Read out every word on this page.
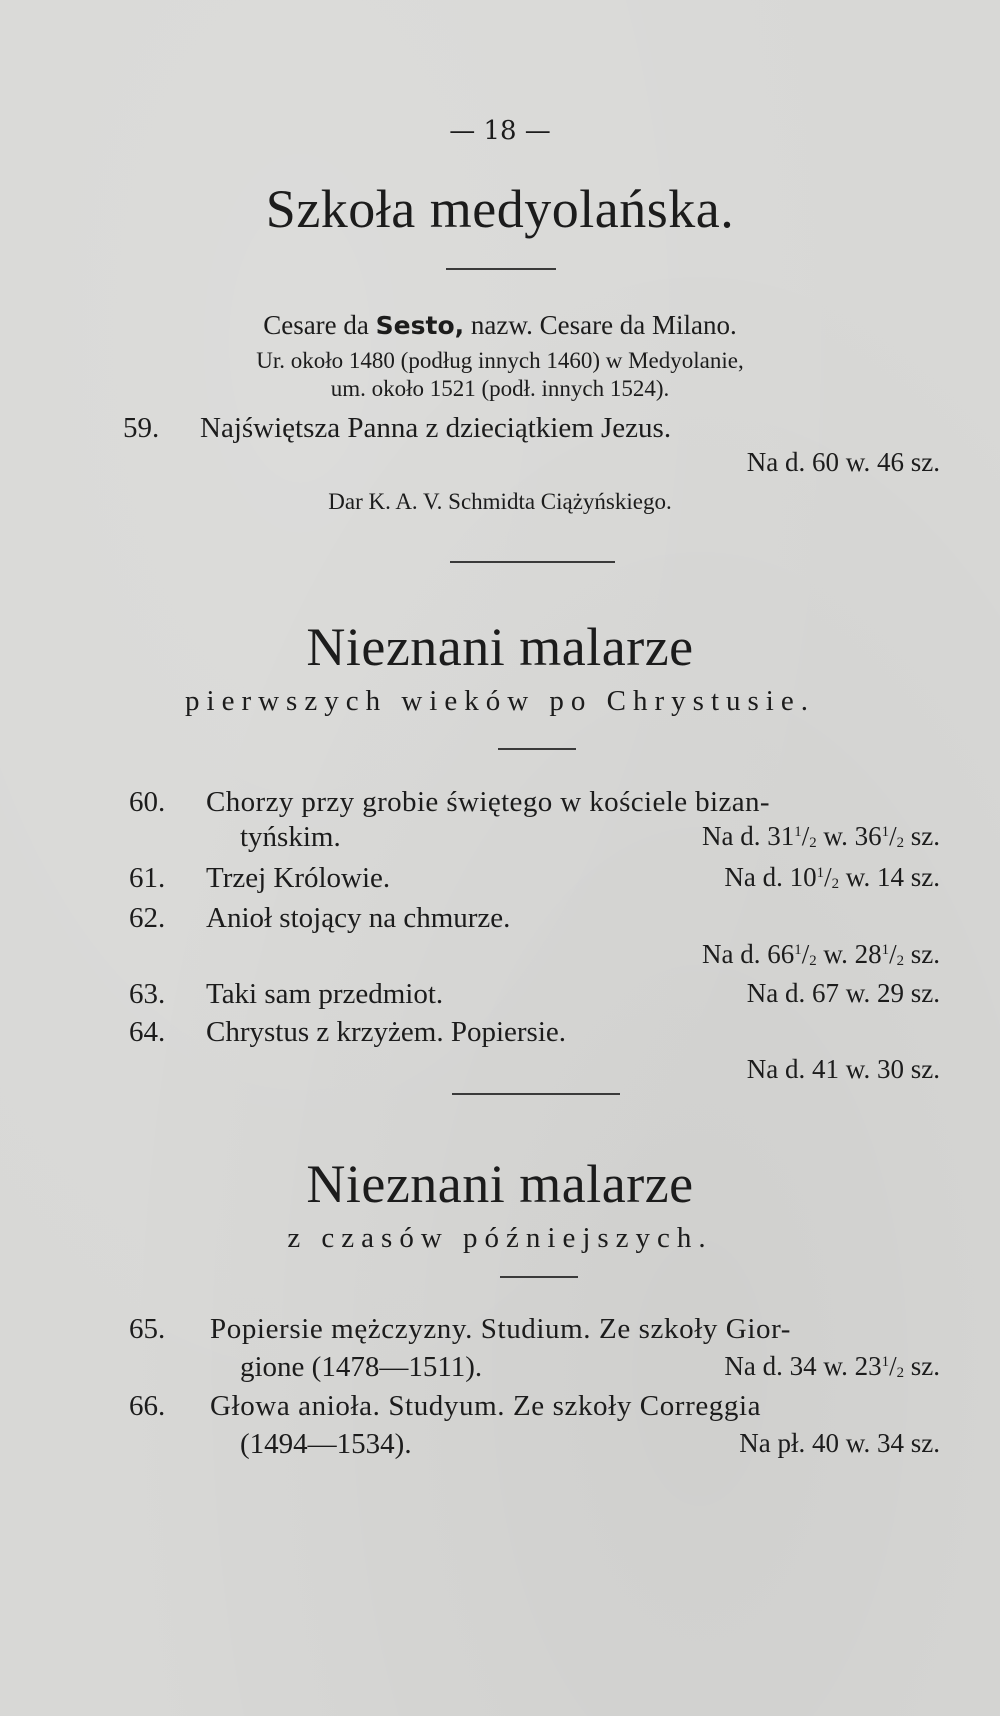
— 18 —
Szkoła medyolańska.
Cesare da Sesto, nazw. Cesare da Milano.
Ur. około 1480 (podług innych 1460) w Medyolanie,
um. około 1521 (podł. innych 1524).
59. Najświętsza Panna z dzieciątkiem Jezus.
Na d. 60 w. 46 sz.
Dar K. A. V. Schmidta Ciążyńskiego.
Nieznani malarze
pierwszych wieków po Chrystusie.
60. Chorzy przy grobie świętego w kościele bizan-
tyńskim.	Na d. $31^1/_2$ w. $36^1/_2$ sz.
61. Trzej Królowie.	Na d. $10^1/_2$ w. 14 sz.
62. Anioł stojący na chmurze.
Na d. $66^1/_2$ w. $28^1/_2$ sz.
63. Taki sam przedmiot.	Na d. 67 w. 29 sz.
64. Chrystus z krzyżem. Popiersie.
Na d. 41 w. 30 sz.
Nieznani malarze
z czasów późniejszych.
65. Popiersie mężczyzny. Studium. Ze szkoły Gior-
gione (1478—1511).	Na d. 34 w. $23^1/_2$ sz.
66. Głowa anioła. Studyum. Ze szkoły Correggia
(1494—1534).	Na pł. 40 w. 34 sz.
